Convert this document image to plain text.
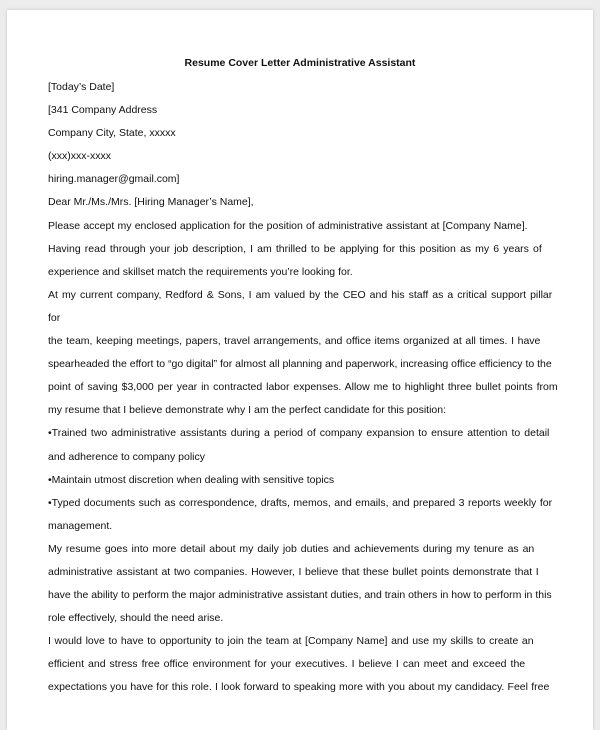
Resume Cover Letter Administrative Assistant

[Today’s Date]

[341 Company Address

Company City, State, xxxxx

(xxx)xxx-xxxx

hiring.manager@gmail.com]

Dear Mr./Ms./Mrs. [Hiring Manager’s Name],

Please accept my enclosed application for the position of administrative assistant at [Company Name].

Having read through your job description, I am thrilled to be applying for this position as my 6 years of

experience and skillset match the requirements you’re looking for.

At my current company, Redford & Sons, I am valued by the CEO and his staff as a critical support pillar for

the team, keeping meetings, papers, travel arrangements, and office items organized at all times. I have

spearheaded the effort to “go digital” for almost all planning and paperwork, increasing office efficiency to the

point of saving $3,000 per year in contracted labor expenses. Allow me to highlight three bullet points from

my resume that I believe demonstrate why I am the perfect candidate for this position:

•Trained two administrative assistants during a period of company expansion to ensure attention to detail

and adherence to company policy

•Maintain utmost discretion when dealing with sensitive topics

•Typed documents such as correspondence, drafts, memos, and emails, and prepared 3 reports weekly for

management.

My resume goes into more detail about my daily job duties and achievements during my tenure as an

administrative assistant at two companies. However, I believe that these bullet points demonstrate that I

have the ability to perform the major administrative assistant duties, and train others in how to perform in this

role effectively, should the need arise.

I would love to have to opportunity to join the team at [Company Name] and use my skills to create an

efficient and stress free office environment for your executives. I believe I can meet and exceed the

expectations you have for this role. I look forward to speaking more with you about my candidacy. Feel free
